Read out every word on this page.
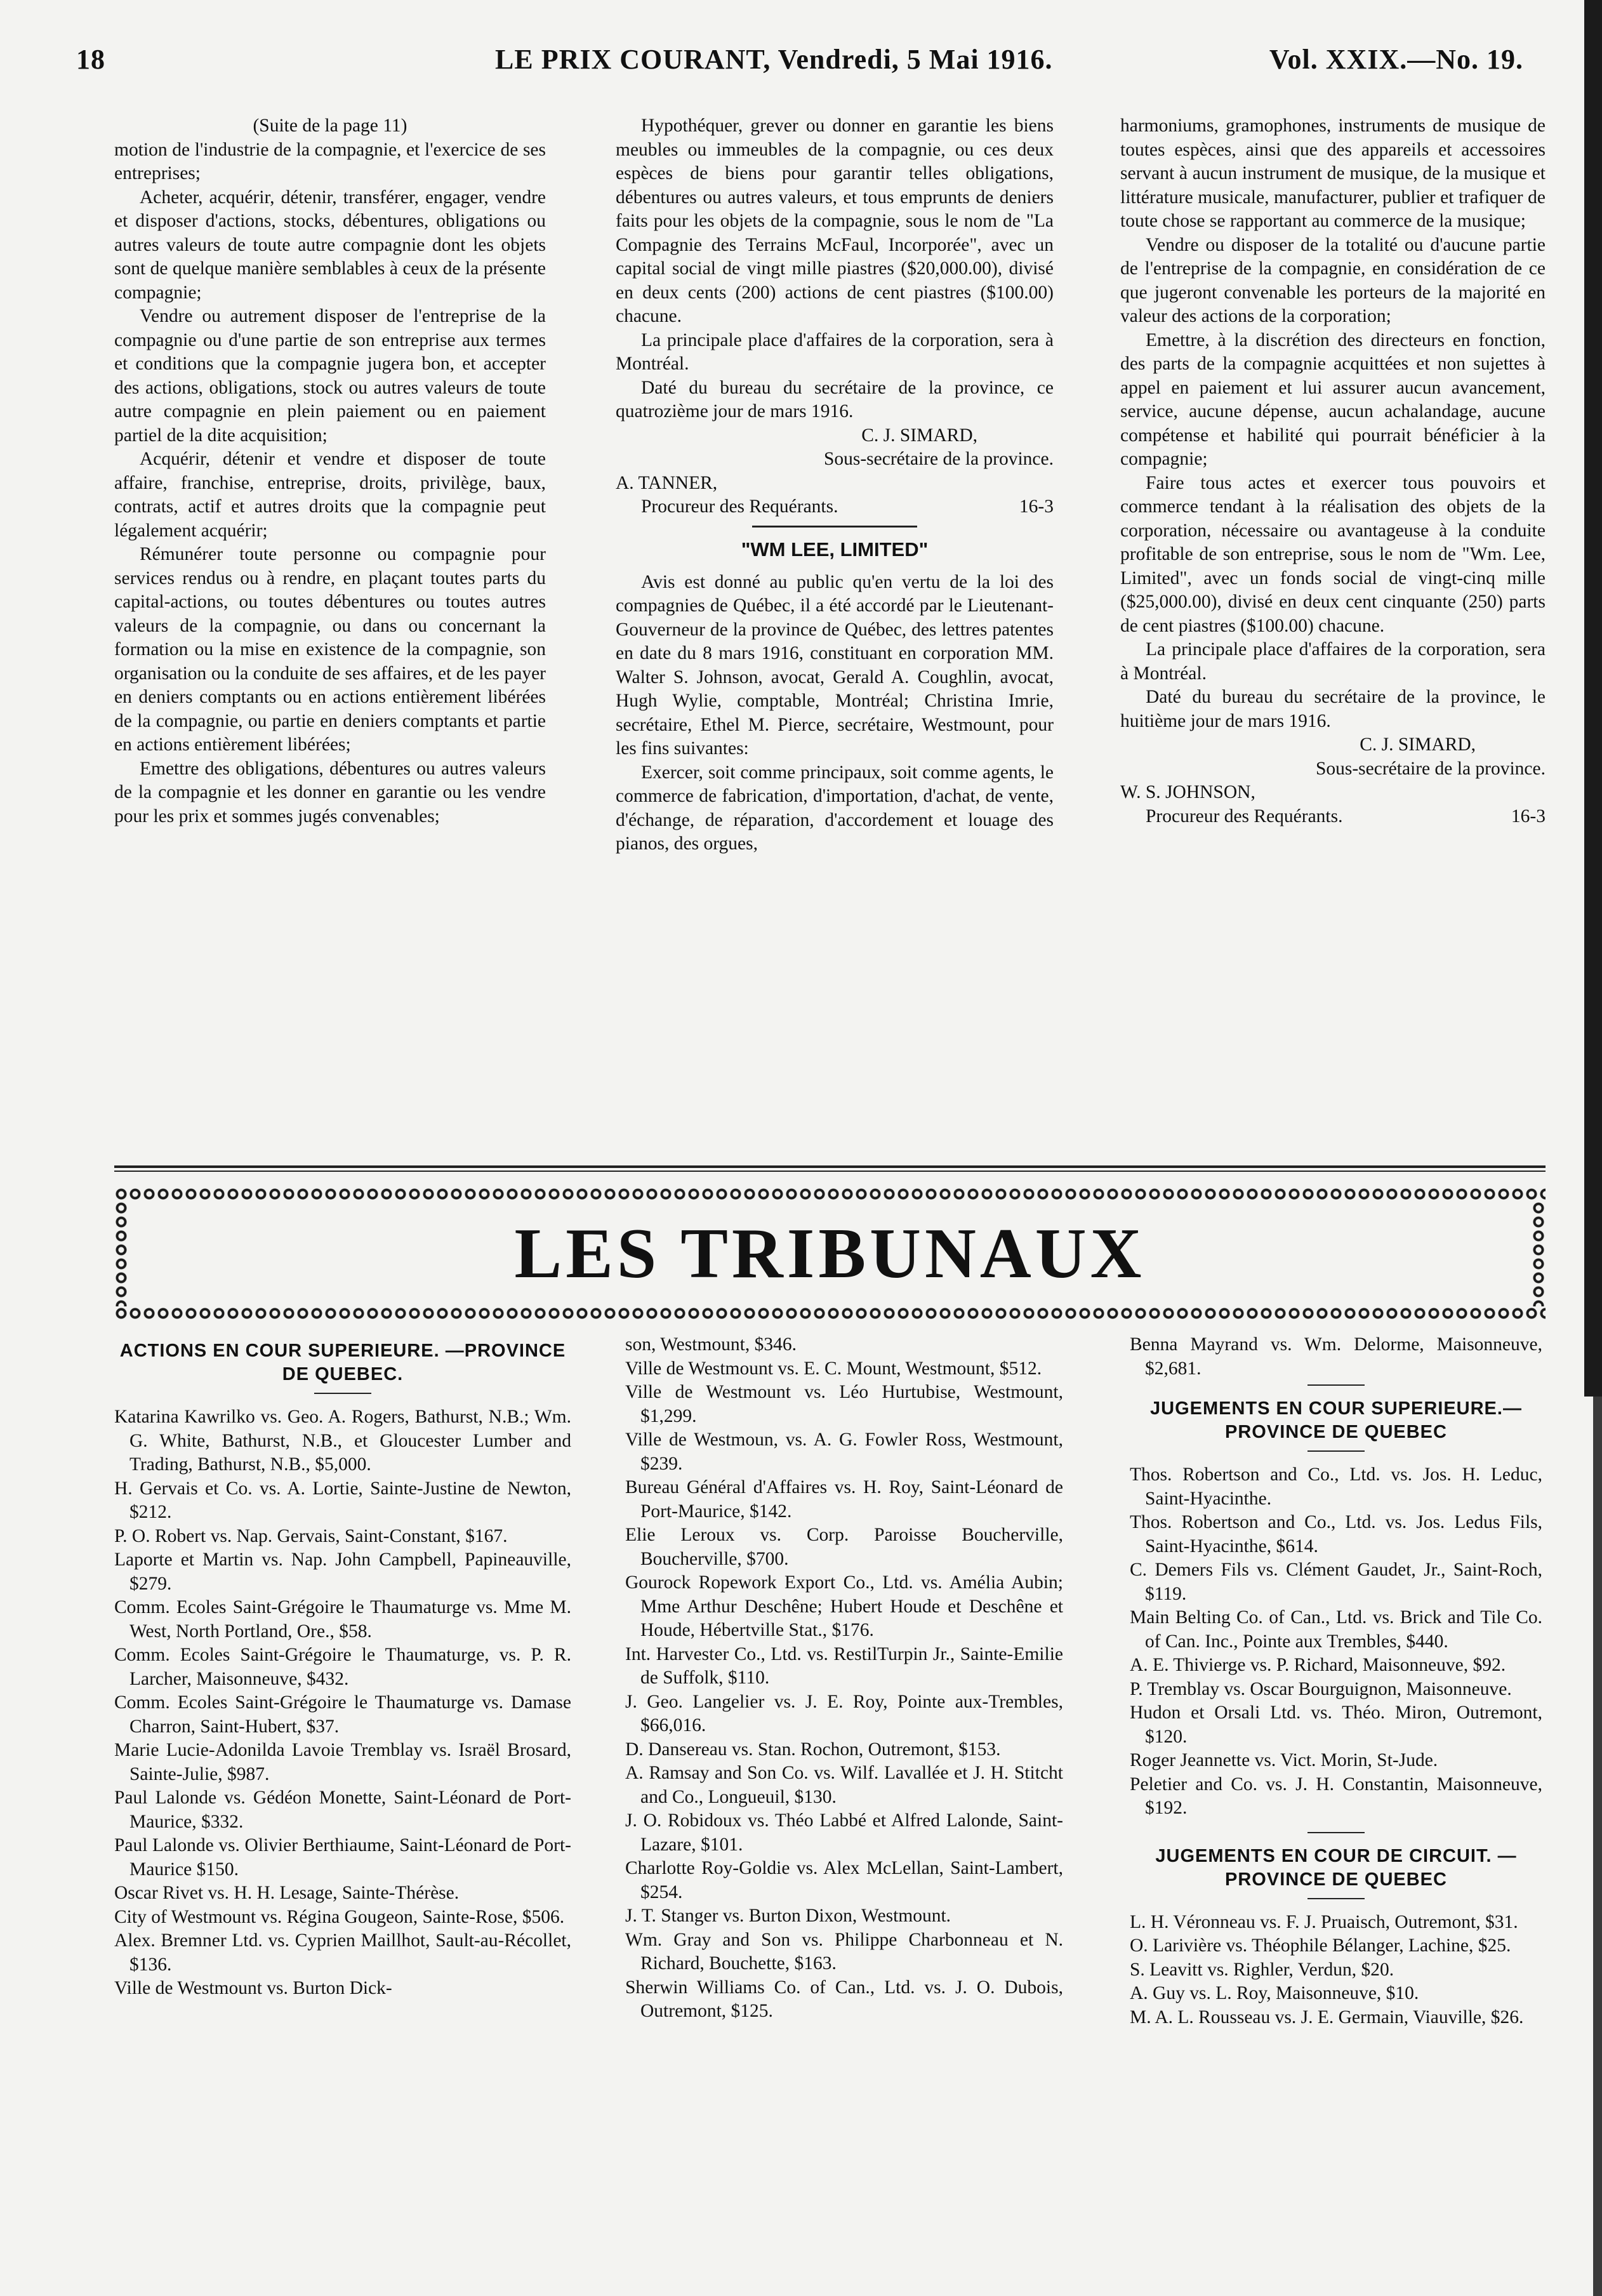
18	LE PRIX COURANT, Vendredi, 5 Mai 1916.	Vol. XXIX.—No. 19.

(Suite de la page 11)

motion de l'industrie de la compagnie, et l'exercice de ses entreprises;

Acheter, acquérir, détenir, transférer, engager, vendre et disposer d'actions, stocks, débentures, obligations ou autres valeurs de toute autre compagnie dont les objets sont de quelque manière semblables à ceux de la présente compagnie;

Vendre ou autrement disposer de l'entreprise de la compagnie ou d'une partie de son entreprise aux termes et conditions que la compagnie jugera bon, et accepter des actions, obligations, stock ou autres valeurs de toute autre compagnie en plein paiement ou en paiement partiel de la dite acquisition;

Acquérir, détenir et vendre et disposer de toute affaire, franchise, entreprise, droits, privilège, baux, contrats, actif et autres droits que la compagnie peut légalement acquérir;

Rémunérer toute personne ou compagnie pour services rendus ou à rendre, en plaçant toutes parts du capital-actions, ou toutes débentures ou toutes autres valeurs de la compagnie, ou dans ou concernant la formation ou la mise en existence de la compagnie, son organisation ou la conduite de ses affaires, et de les payer en deniers comptants ou en actions entièrement libérées de la compagnie, ou partie en deniers comptants et partie en actions entièrement libérées;

Emettre des obligations, débentures ou autres valeurs de la compagnie et les donner en garantie ou les vendre pour les prix et sommes jugés convenables;

Hypothéquer, grever ou donner en garantie les biens meubles ou immeubles de la compagnie, ou ces deux espèces de biens pour garantir telles obligations, débentures ou autres valeurs, et tous emprunts de deniers faits pour les objets de la compagnie, sous le nom de "La Compagnie des Terrains McFaul, Incorporée", avec un capital social de vingt mille piastres ($20,000.00), divisé en deux cents (200) actions de cent piastres ($100.00) chacune.

La principale place d'affaires de la corporation, sera à Montréal.

Daté du bureau du secrétaire de la province, ce quatrozième jour de mars 1916.

C. J. SIMARD,

Sous-secrétaire de la province.

A. TANNER,

Procureur des Requérants.	16-3
"WM LEE, LIMITED"

Avis est donné au public qu'en vertu de la loi des compagnies de Québec, il a été accordé par le Lieutenant-Gouverneur de la province de Québec, des lettres patentes en date du 8 mars 1916, constituant en corporation MM. Walter S. Johnson, avocat, Gerald A. Coughlin, avocat, Hugh Wylie, comptable, Montréal; Christina Imrie, secrétaire, Ethel M. Pierce, secrétaire, Westmount, pour les fins suivantes:

Exercer, soit comme principaux, soit comme agents, le commerce de fabrication, d'importation, d'achat, de vente, d'échange, de réparation, d'accordement et louage des pianos, des orgues,

harmoniums, gramophones, instruments de musique de toutes espèces, ainsi que des appareils et accessoires servant à aucun instrument de musique, de la musique et littérature musicale, manufacturer, publier et trafiquer de toute chose se rapportant au commerce de la musique;

Vendre ou disposer de la totalité ou d'aucune partie de l'entreprise de la compagnie, en considération de ce que jugeront convenable les porteurs de la majorité en valeur des actions de la corporation;

Emettre, à la discrétion des directeurs en fonction, des parts de la compagnie acquittées et non sujettes à appel en paiement et lui assurer aucun avancement, service, aucune dépense, aucun achalandage, aucune compétense et habilité qui pourrait bénéficier à la compagnie;

Faire tous actes et exercer tous pouvoirs et commerce tendant à la réalisation des objets de la corporation, nécessaire ou avantageuse à la conduite profitable de son entreprise, sous le nom de "Wm. Lee, Limited", avec un fonds social de vingt-cinq mille ($25,000.00), divisé en deux cent cinquante (250) parts de cent piastres ($100.00) chacune.

La principale place d'affaires de la corporation, sera à Montréal.

Daté du bureau du secrétaire de la province, le huitième jour de mars 1916.

C. J. SIMARD,

Sous-secrétaire de la province.

W. S. JOHNSON,

Procureur des Requérants.	16-3
LES TRIBUNAUX
ACTIONS EN COUR SUPERIEURE. —PROVINCE DE QUEBEC.

Katarina Kawrilko vs. Geo. A. Rogers, Bathurst, N.B.; Wm. G. White, Bathurst, N.B., et Gloucester Lumber and Trading, Bathurst, N.B., $5,000.

H. Gervais et Co. vs. A. Lortie, Sainte-Justine de Newton, $212.

P. O. Robert vs. Nap. Gervais, Saint-Constant, $167.

Laporte et Martin vs. Nap. John Campbell, Papineauville, $279.

Comm. Ecoles Saint-Grégoire le Thaumaturge vs. Mme M. West, North Portland, Ore., $58.

Comm. Ecoles Saint-Grégoire le Thaumaturge, vs. P. R. Larcher, Maisonneuve, $432.

Comm. Ecoles Saint-Grégoire le Thaumaturge vs. Damase Charron, Saint-Hubert, $37.

Marie Lucie-Adonilda Lavoie Tremblay vs. Israël Brosard, Sainte-Julie, $987.

Paul Lalonde vs. Gédéon Monette, Saint-Léonard de Port-Maurice, $332.

Paul Lalonde vs. Olivier Berthiaume, Saint-Léonard de Port-Maurice $150.

Oscar Rivet vs. H. H. Lesage, Sainte-Thérèse.

City of Westmount vs. Régina Gougeon, Sainte-Rose, $506.

Alex. Bremner Ltd. vs. Cyprien Maillhot, Sault-au-Récollet, $136.

Ville de Westmount vs. Burton Dick-

son, Westmount, $346.

Ville de Westmount vs. E. C. Mount, Westmount, $512.

Ville de Westmount vs. Léo Hurtubise, Westmount, $1,299.

Ville de Westmoun, vs. A. G. Fowler Ross, Westmount, $239.

Bureau Général d'Affaires vs. H. Roy, Saint-Léonard de Port-Maurice, $142.

Elie Leroux vs. Corp. Paroisse Boucherville, Boucherville, $700.

Gourock Ropework Export Co., Ltd. vs. Amélia Aubin; Mme Arthur Deschêne; Hubert Houde et Deschêne et Houde, Hébertville Stat., $176.

Int. Harvester Co., Ltd. vs. RestilTurpin Jr., Sainte-Emilie de Suffolk, $110.

J. Geo. Langelier vs. J. E. Roy, Pointe aux-Trembles, $66,016.

D. Dansereau vs. Stan. Rochon, Outremont, $153.

A. Ramsay and Son Co. vs. Wilf. Lavallée et J. H. Stitcht and Co., Longueuil, $130.

J. O. Robidoux vs. Théo Labbé et Alfred Lalonde, Saint-Lazare, $101.

Charlotte Roy-Goldie vs. Alex McLellan, Saint-Lambert, $254.

J. T. Stanger vs. Burton Dixon, Westmount.

Wm. Gray and Son vs. Philippe Charbonneau et N. Richard, Bouchette, $163.

Sherwin Williams Co. of Can., Ltd. vs. J. O. Dubois, Outremont, $125.

Benna Mayrand vs. Wm. Delorme, Maisonneuve, $2,681.

JUGEMENTS EN COUR SUPERIEURE.— PROVINCE DE QUEBEC

Thos. Robertson and Co., Ltd. vs. Jos. H. Leduc, Saint-Hyacinthe.

Thos. Robertson and Co., Ltd. vs. Jos. Ledus Fils, Saint-Hyacinthe, $614.

C. Demers Fils vs. Clément Gaudet, Jr., Saint-Roch, $119.

Main Belting Co. of Can., Ltd. vs. Brick and Tile Co. of Can. Inc., Pointe aux Trembles, $440.

A. E. Thivierge vs. P. Richard, Maisonneuve, $92.

P. Tremblay vs. Oscar Bourguignon, Maisonneuve.

Hudon et Orsali Ltd. vs. Théo. Miron, Outremont, $120.

Roger Jeannette vs. Vict. Morin, St-Jude.

Peletier and Co. vs. J. H. Constantin, Maisonneuve, $192.

JUGEMENTS EN COUR DE CIRCUIT. — PROVINCE DE QUEBEC

L. H. Véronneau vs. F. J. Pruaisch, Outremont, $31.

O. Larivière vs. Théophile Bélanger, Lachine, $25.

S. Leavitt vs. Righler, Verdun, $20.

A. Guy vs. L. Roy, Maisonneuve, $10.

M. A. L. Rousseau vs. J. E. Germain, Viauville, $26.
